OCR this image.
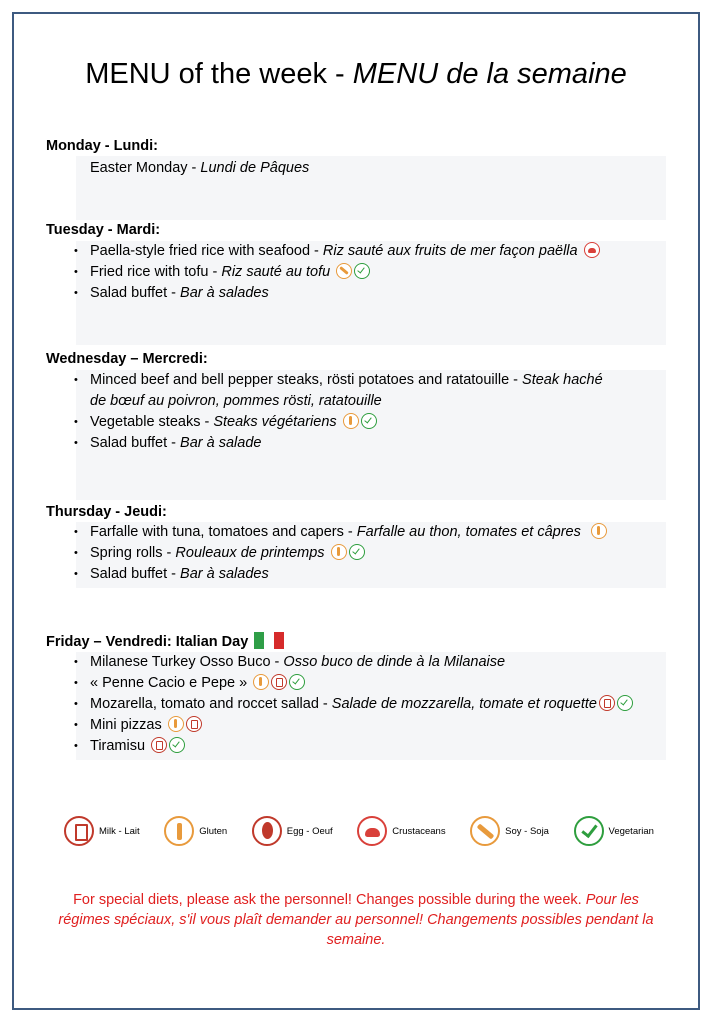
MENU of the week - MENU de la semaine
Monday - Lundi:
Easter Monday - Lundi de Pâques
Tuesday - Mardi:
• Paella-style fried rice with seafood - Riz sauté aux fruits de mer façon paëlla
• Fried rice with tofu - Riz sauté au tofu
• Salad buffet - Bar à salades
Wednesday – Mercredi:
• Minced beef and bell pepper steaks, rösti potatoes and ratatouille - Steak haché
de bœuf au poivron, pommes rösti, ratatouille
• Vegetable steaks - Steaks végétariens
• Salad buffet - Bar à salade
Thursday - Jeudi:
• Farfalle with tuna, tomatoes and capers - Farfalle au thon, tomates et câpres
• Spring rolls - Rouleaux de printemps
• Salad buffet - Bar à salades
Friday – Vendredi: Italian Day
• Milanese Turkey Osso Buco - Osso buco de dinde à la Milanaise
• « Penne Cacio e Pepe »
• Mozarella, tomato and roccet sallad - Salade de mozzarella, tomate et roquette
• Mini pizzas
• Tiramisu
Milk - Lait	Gluten	Egg - Oeuf	Crustaceans	Soy - Soja	Vegetarian
For special diets, please ask the personnel! Changes possible during the week. Pour les régimes spéciaux, s'il vous plaît demander au personnel! Changements possibles pendant la semaine.
